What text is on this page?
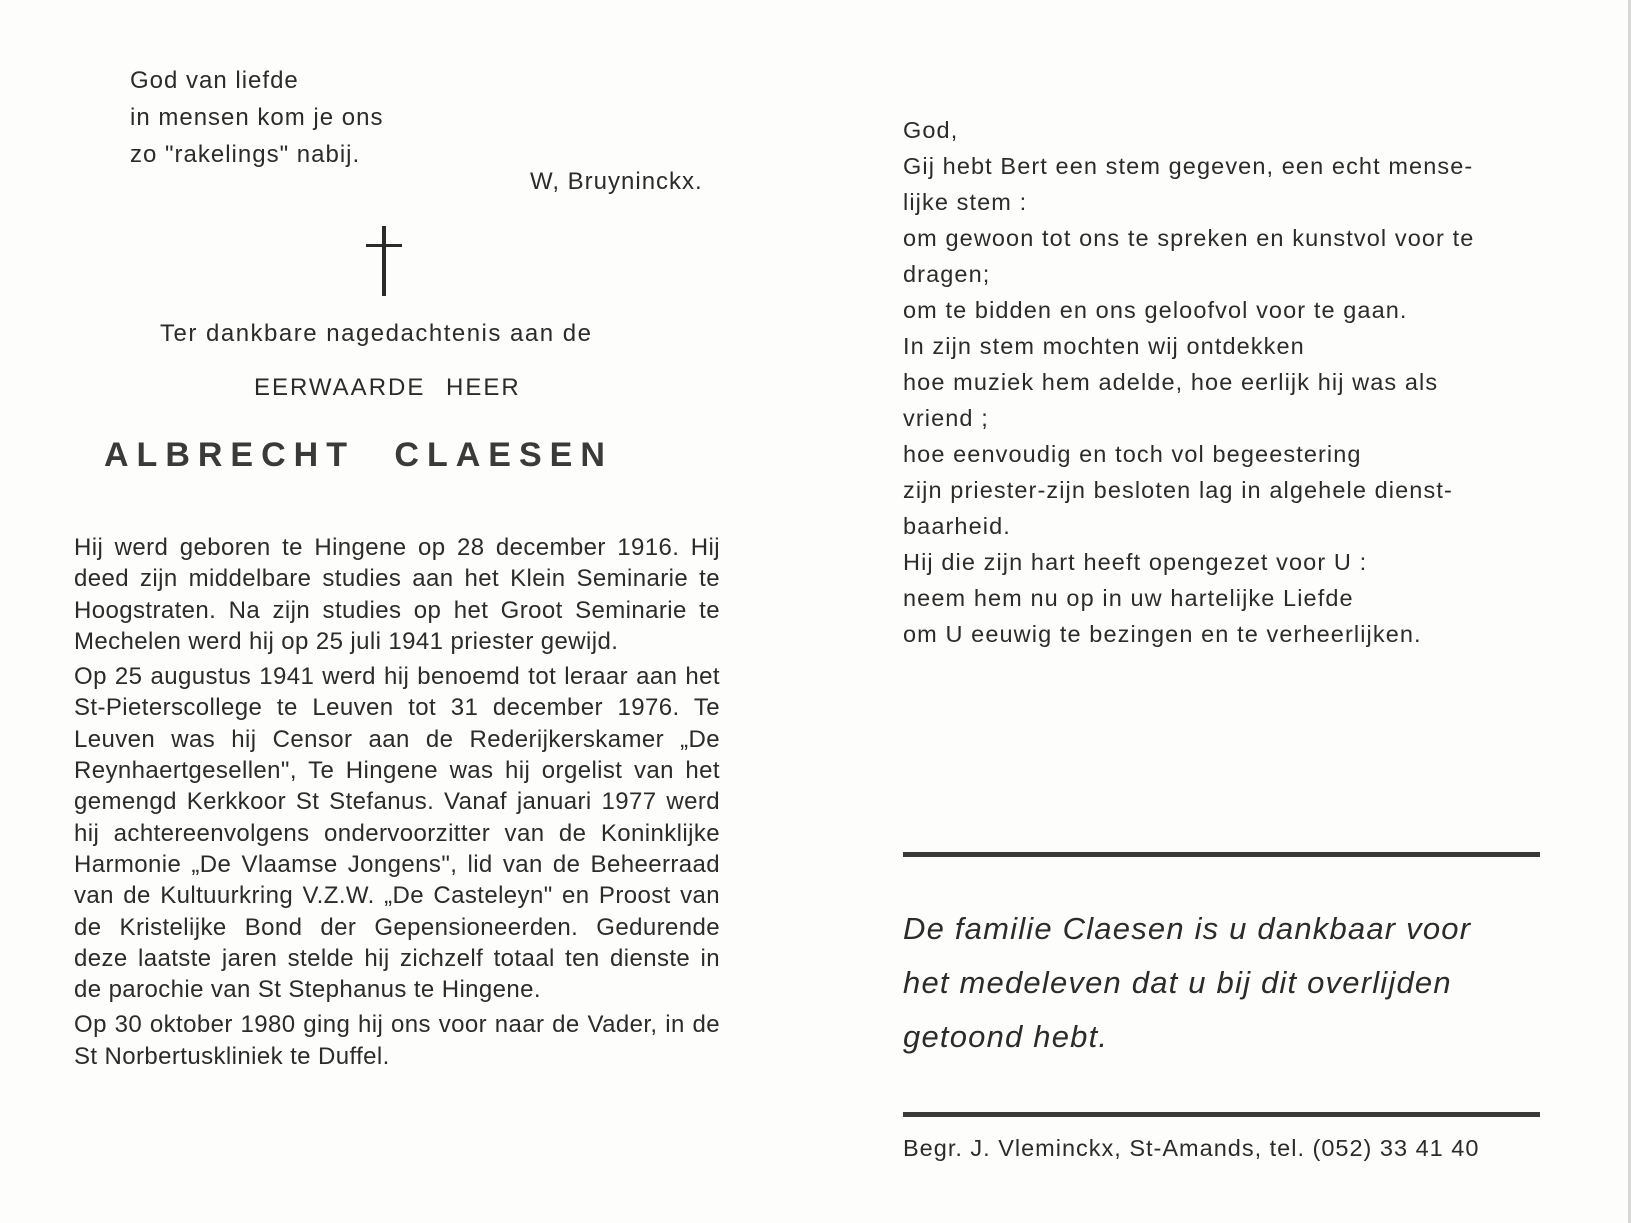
God van liefde
in mensen kom je ons
zo "rakelings" nabij.
W, Bruyninckx.
Ter dankbare nagedachtenis aan de
EERWAARDE HEER
ALBRECHT CLAESEN

Hij werd geboren te Hingene op 28 december 1916. Hij deed zijn middelbare studies aan het Klein Seminarie te Hoogstraten. Na zijn studies op het Groot Seminarie te Mechelen werd hij op 25 juli 1941 priester gewijd.

Op 25 augustus 1941 werd hij benoemd tot leraar aan het St-Pieterscollege te Leuven tot 31 december 1976. Te Leuven was hij Censor aan de Rederijkerskamer „De Reynhaertgesellen", Te Hingene was hij orgelist van het gemengd Kerkkoor St Stefanus. Vanaf januari 1977 werd hij achtereenvolgens ondervoorzitter van de Koninklijke Harmonie „De Vlaamse Jongens", lid van de Beheerraad van de Kultuurkring V.Z.W. „De Casteleyn" en Proost van de Kristelijke Bond der Gepensioneerden. Gedurende deze laatste jaren stelde hij zichzelf totaal ten dienste in de parochie van St Stephanus te Hingene.

Op 30 oktober 1980 ging hij ons voor naar de Vader, in de St Norbertuskliniek te Duffel.

God,
Gij hebt Bert een stem gegeven, een echt mense-
lijke stem :
om gewoon tot ons te spreken en kunstvol voor te
dragen;
om te bidden en ons geloofvol voor te gaan.
In zijn stem mochten wij ontdekken
hoe muziek hem adelde, hoe eerlijk hij was als
vriend ;
hoe eenvoudig en toch vol begeestering
zijn priester-zijn besloten lag in algehele dienst-
baarheid.
Hij die zijn hart heeft opengezet voor U :
neem hem nu op in uw hartelijke Liefde
om U eeuwig te bezingen en te verheerlijken.
De familie Claesen is u dankbaar voor
het medeleven dat u bij dit overlijden
getoond hebt.
Begr. J. Vleminckx, St-Amands, tel. (052) 33 41 40
